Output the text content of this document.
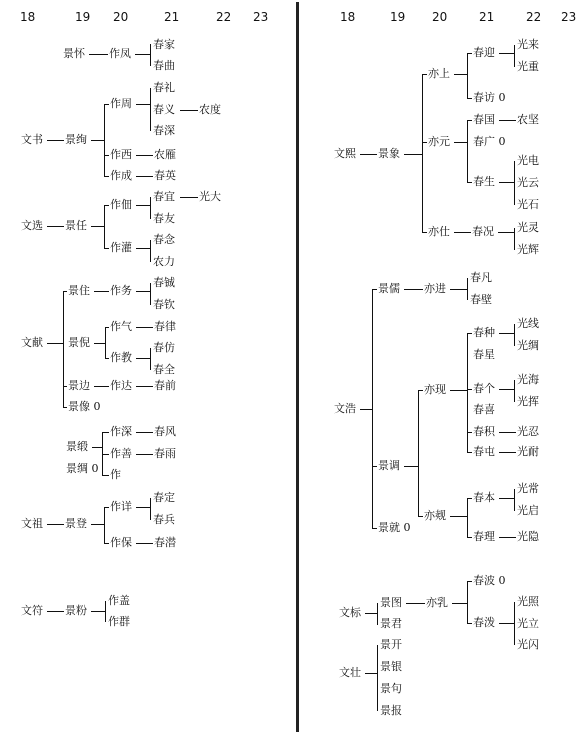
18	19 20	21	22 23	18	19 20	21	22 23
景怀 作凤
春家
春曲
文书 景绚
作周
春礼
春义 农度
春深
作西 农雁
作成 春英
文选 景任
作佃
春宜 光大
春友
作灌
春念
农力
文献
景住 作务
春铖
春钦
景倪
作气 春律
作教
春仿
春全
景边 作达 春前
景像 0
景缎
景绸 0
作深 春风
作善 春雨
作
文祖 景登
作详
春定
春兵
作保 春潜
文符 景粉
作盖
作群
文熙 景象
亦上
春迎
光来
光重
春访 0
亦元
春国 农坚
春广 0
春生
光电
光云
光石
亦仕 春况 光灵
光辉
文浩
景儒 亦进
春凡
春壁
景调
亦现
春种
光线
光绸
春星
春个
光海
光挥
春喜
春积 光忍
春屯 光耐
亦觌
春本
光常
光启
春理 光隐
景就 0
文标
景图 亦乳
春波 0
春泼
光照
光立
光闪
景君
文壮
景开
景银
景句
景报
